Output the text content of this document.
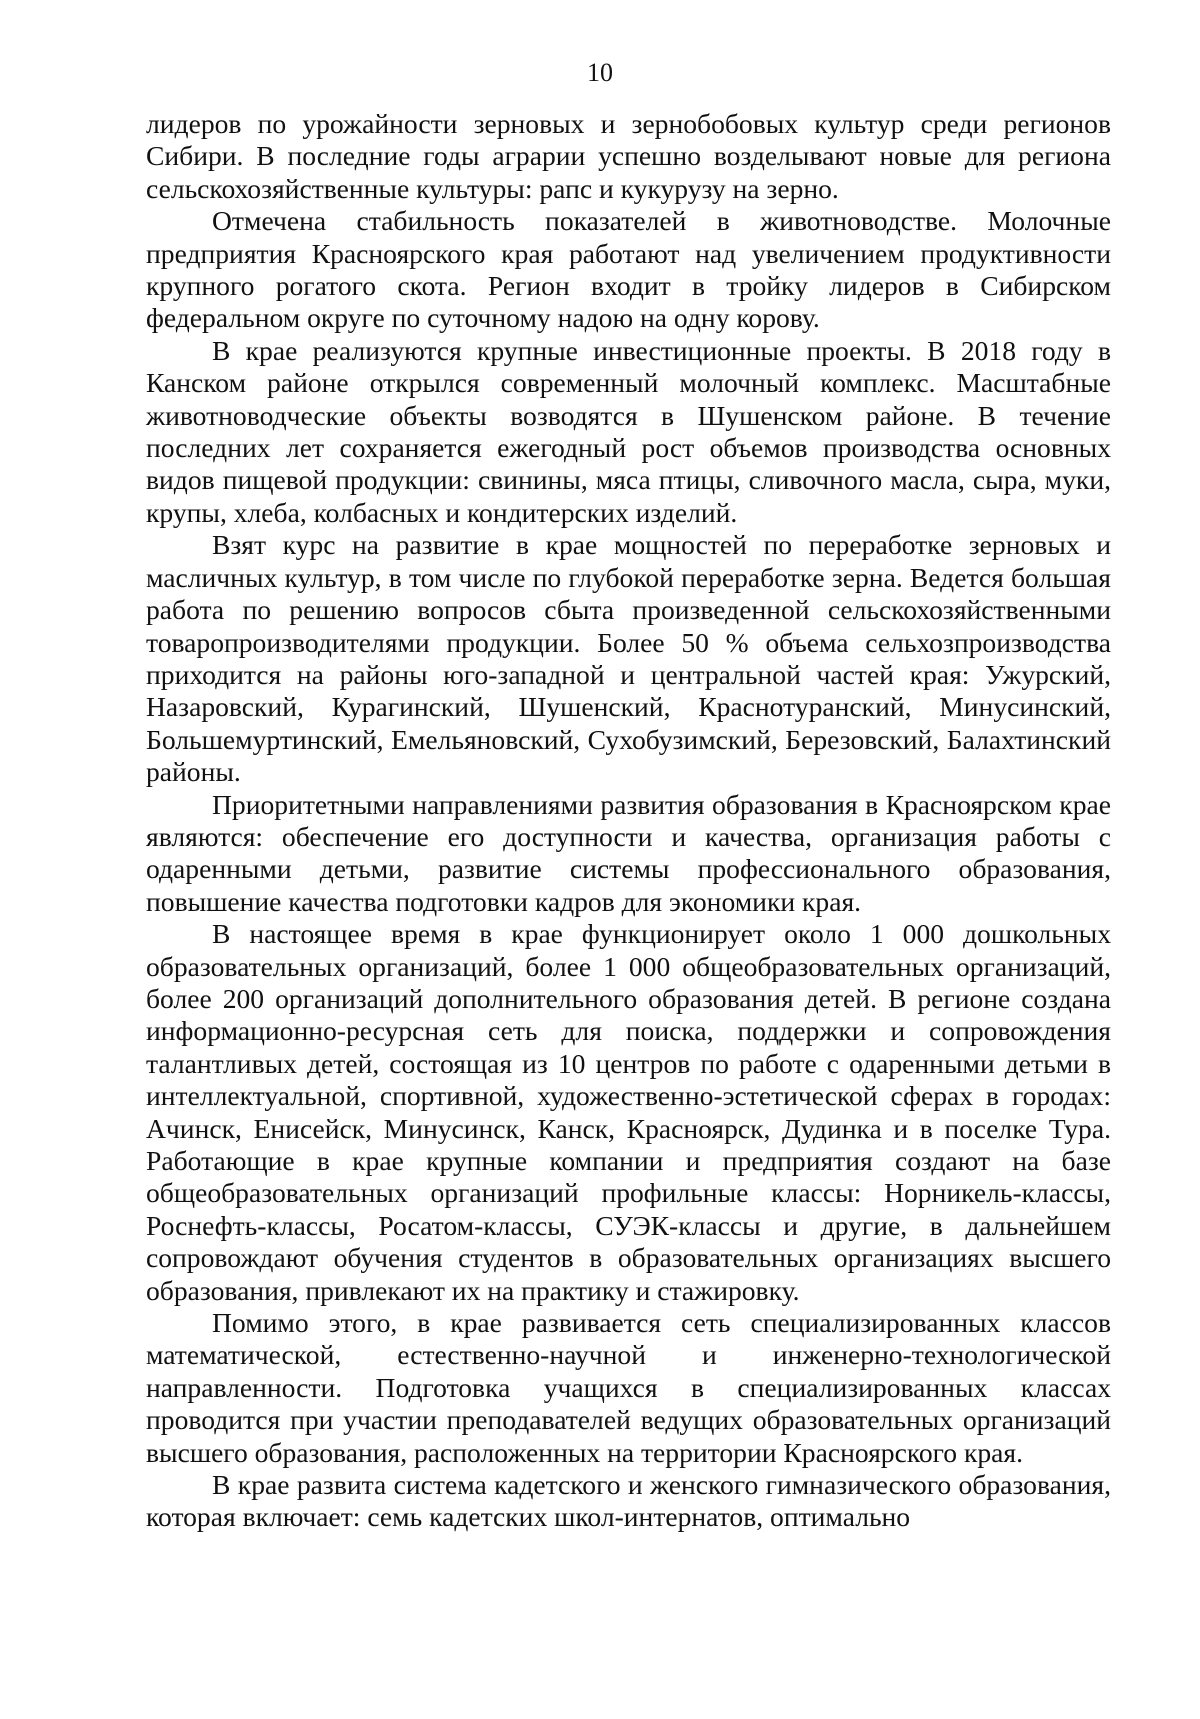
10

лидеров по урожайности зерновых и зернобобовых культур среди регионов Сибири. В последние годы аграрии успешно возделывают новые для региона сельскохозяйственные культуры: рапс и кукурузу на зерно.

Отмечена стабильность показателей в животноводстве. Молочные предприятия Красноярского края работают над увеличением продуктивности крупного рогатого скота. Регион входит в тройку лидеров в Сибирском федеральном округе по суточному надою на одну корову.

В крае реализуются крупные инвестиционные проекты. В 2018 году в Канском районе открылся современный молочный комплекс. Масштабные животноводческие объекты возводятся в Шушенском районе. В течение последних лет сохраняется ежегодный рост объемов производства основных видов пищевой продукции: свинины, мяса птицы, сливочного масла, сыра, муки, крупы, хлеба, колбасных и кондитерских изделий.

Взят курс на развитие в крае мощностей по переработке зерновых и масличных культур, в том числе по глубокой переработке зерна. Ведется большая работа по решению вопросов сбыта произведенной сельскохозяйственными товаропроизводителями продукции. Более 50 % объема сельхозпроизводства приходится на районы юго-западной и центральной частей края: Ужурский, Назаровский, Курагинский, Шушенский, Краснотуранский, Минусинский, Большемуртинский, Емельяновский, Сухобузимский, Березовский, Балахтинский районы.

Приоритетными направлениями развития образования в Красноярском крае являются: обеспечение его доступности и качества, организация работы с одаренными детьми, развитие системы профессионального образования, повышение качества подготовки кадров для экономики края.

В настоящее время в крае функционирует около 1 000 дошкольных образовательных организаций, более 1 000 общеобразовательных организаций, более 200 организаций дополнительного образования детей. В регионе создана информационно-ресурсная сеть для поиска, поддержки и сопровождения талантливых детей, состоящая из 10 центров по работе с одаренными детьми в интеллектуальной, спортивной, художественно-эстетической сферах в городах: Ачинск, Енисейск, Минусинск, Канск, Красноярск, Дудинка и в поселке Тура. Работающие в крае крупные компании и предприятия создают на базе общеобразовательных организаций профильные классы: Норникель-классы, Роснефть-классы, Росатом-классы, СУЭК-классы и другие, в дальнейшем сопровождают обучения студентов в образовательных организациях высшего образования, привлекают их на практику и стажировку.

Помимо этого, в крае развивается сеть специализированных классов математической, естественно-научной и инженерно-технологической направленности. Подготовка учащихся в специализированных классах проводится при участии преподавателей ведущих образовательных организаций высшего образования, расположенных на территории Красноярского края.

В крае развита система кадетского и женского гимназического образования, которая включает: семь кадетских школ-интернатов, оптимально
